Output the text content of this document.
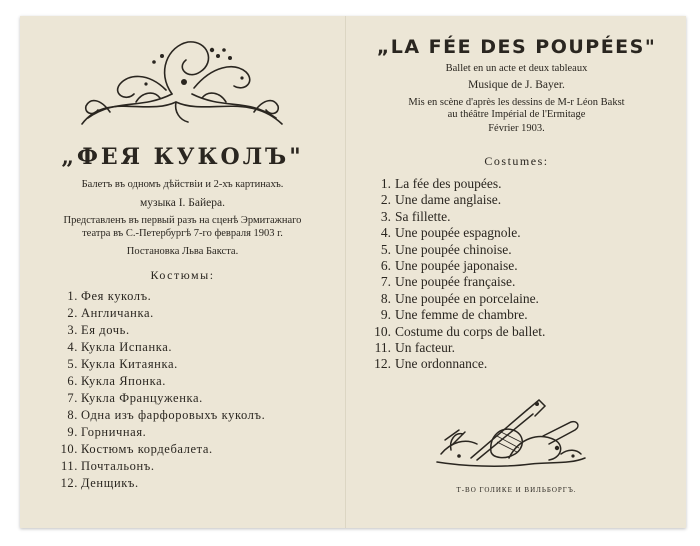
„ФЕЯ КУКОЛЪ"
Балетъ въ одномъ дѣйствіи и 2-хъ картинахъ.
музыка І. Байера.
Представленъ въ первый разъ на сценѣ Эрмитажнаго
театра въ С.-Петербургѣ 7-го февраля 1903 г.
Постановка Льва Бакста.
Костюмы:
1. Фея куколъ.
2. Англичанка.
3. Ея дочь.
4. Кукла Испанка.
5. Кукла Китаянка.
6. Кукла Японка.
7. Кукла Француженка.
8. Одна изъ фарфоровыхъ куколъ.
9. Горничная.
10. Костюмъ кордебалета.
11. Почтальонъ.
12. Денщикъ.
„LA FÉE DES POUPÉES"
Ballet en un acte et deux tableaux
Musique de J. Bayer.
Mis en scène d'après les dessins de M-r Léon Bakst
au théâtre Impérial de l'Ermitage
Février 1903.
Costumes:
1. La fée des poupées.
2. Une dame anglaise.
3. Sa fillette.
4. Une poupée espagnole.
5. Une poupée chinoise.
6. Une poupée japonaise.
7. Une poupée française.
8. Une poupée en porcelaine.
9. Une femme de chambre.
10. Costume du corps de ballet.
11. Un facteur.
12. Une ordonnance.
Т-ВО ГОЛИКЕ И ВИЛЬБОРГЪ.
